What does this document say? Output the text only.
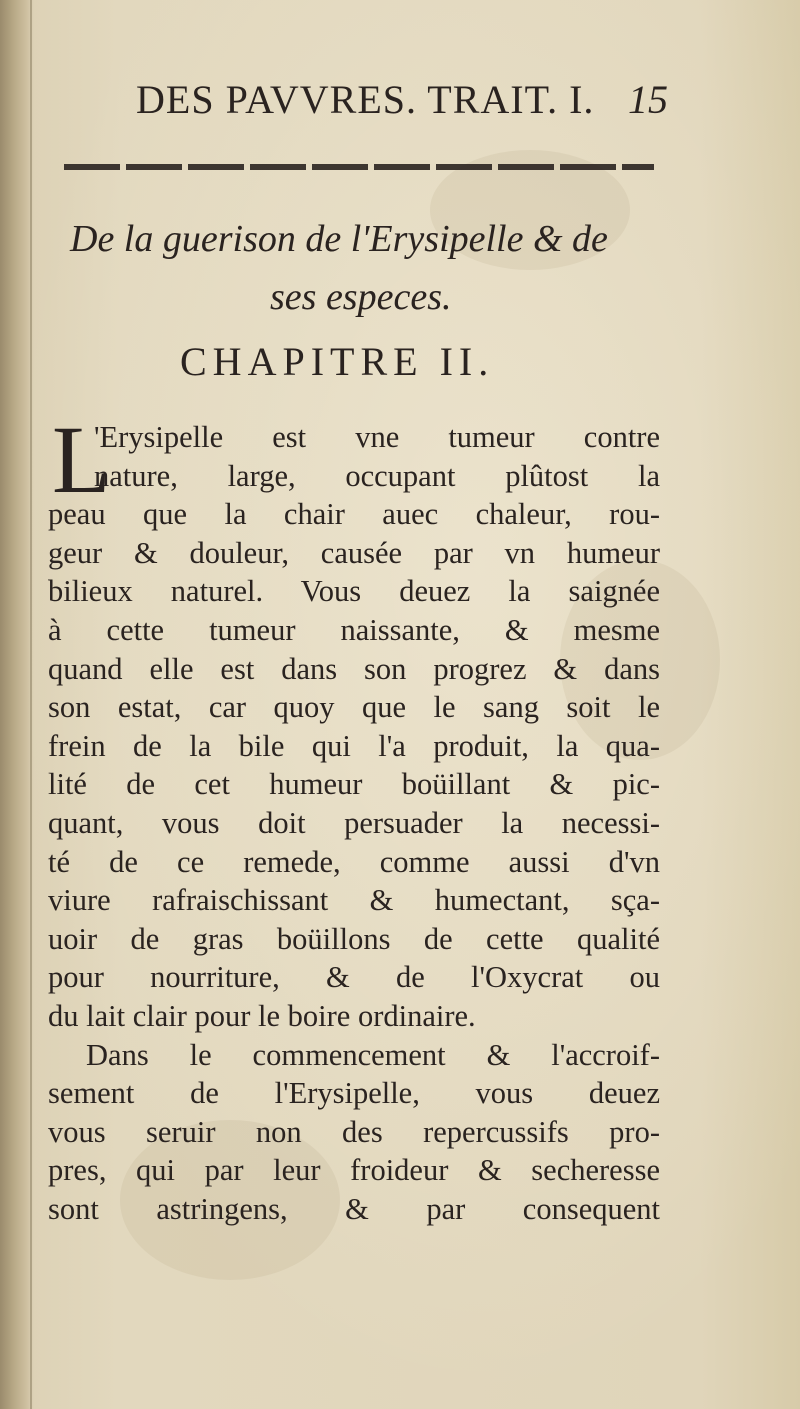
DES PAVVRES. TRAIT. I. 15
De la guerison de l'Erysipelle & de
ses especes.
CHAPITRE II.
L
'Erysipelle est vne tumeur contre
nature, large, occupant plûtost la
peau que la chair auec chaleur, rou-
geur & douleur, causée par vn humeur
bilieux naturel. Vous deuez la saignée
à cette tumeur naissante, & mesme
quand elle est dans son progrez & dans
son estat, car quoy que le sang soit le
frein de la bile qui l'a produit, la qua-
lité de cet humeur boüillant & pic-
quant, vous doit persuader la necessi-
té de ce remede, comme aussi d'vn
viure rafraischissant & humectant, sça-
uoir de gras boüillons de cette qualité
pour nourriture, & de l'Oxycrat ou
du lait clair pour le boire ordinaire.
Dans le commencement & l'accroif-
sement de l'Erysipelle, vous deuez
vous seruir non des repercussifs pro-
pres, qui par leur froideur & secheresse
sont astringens, & par consequent
